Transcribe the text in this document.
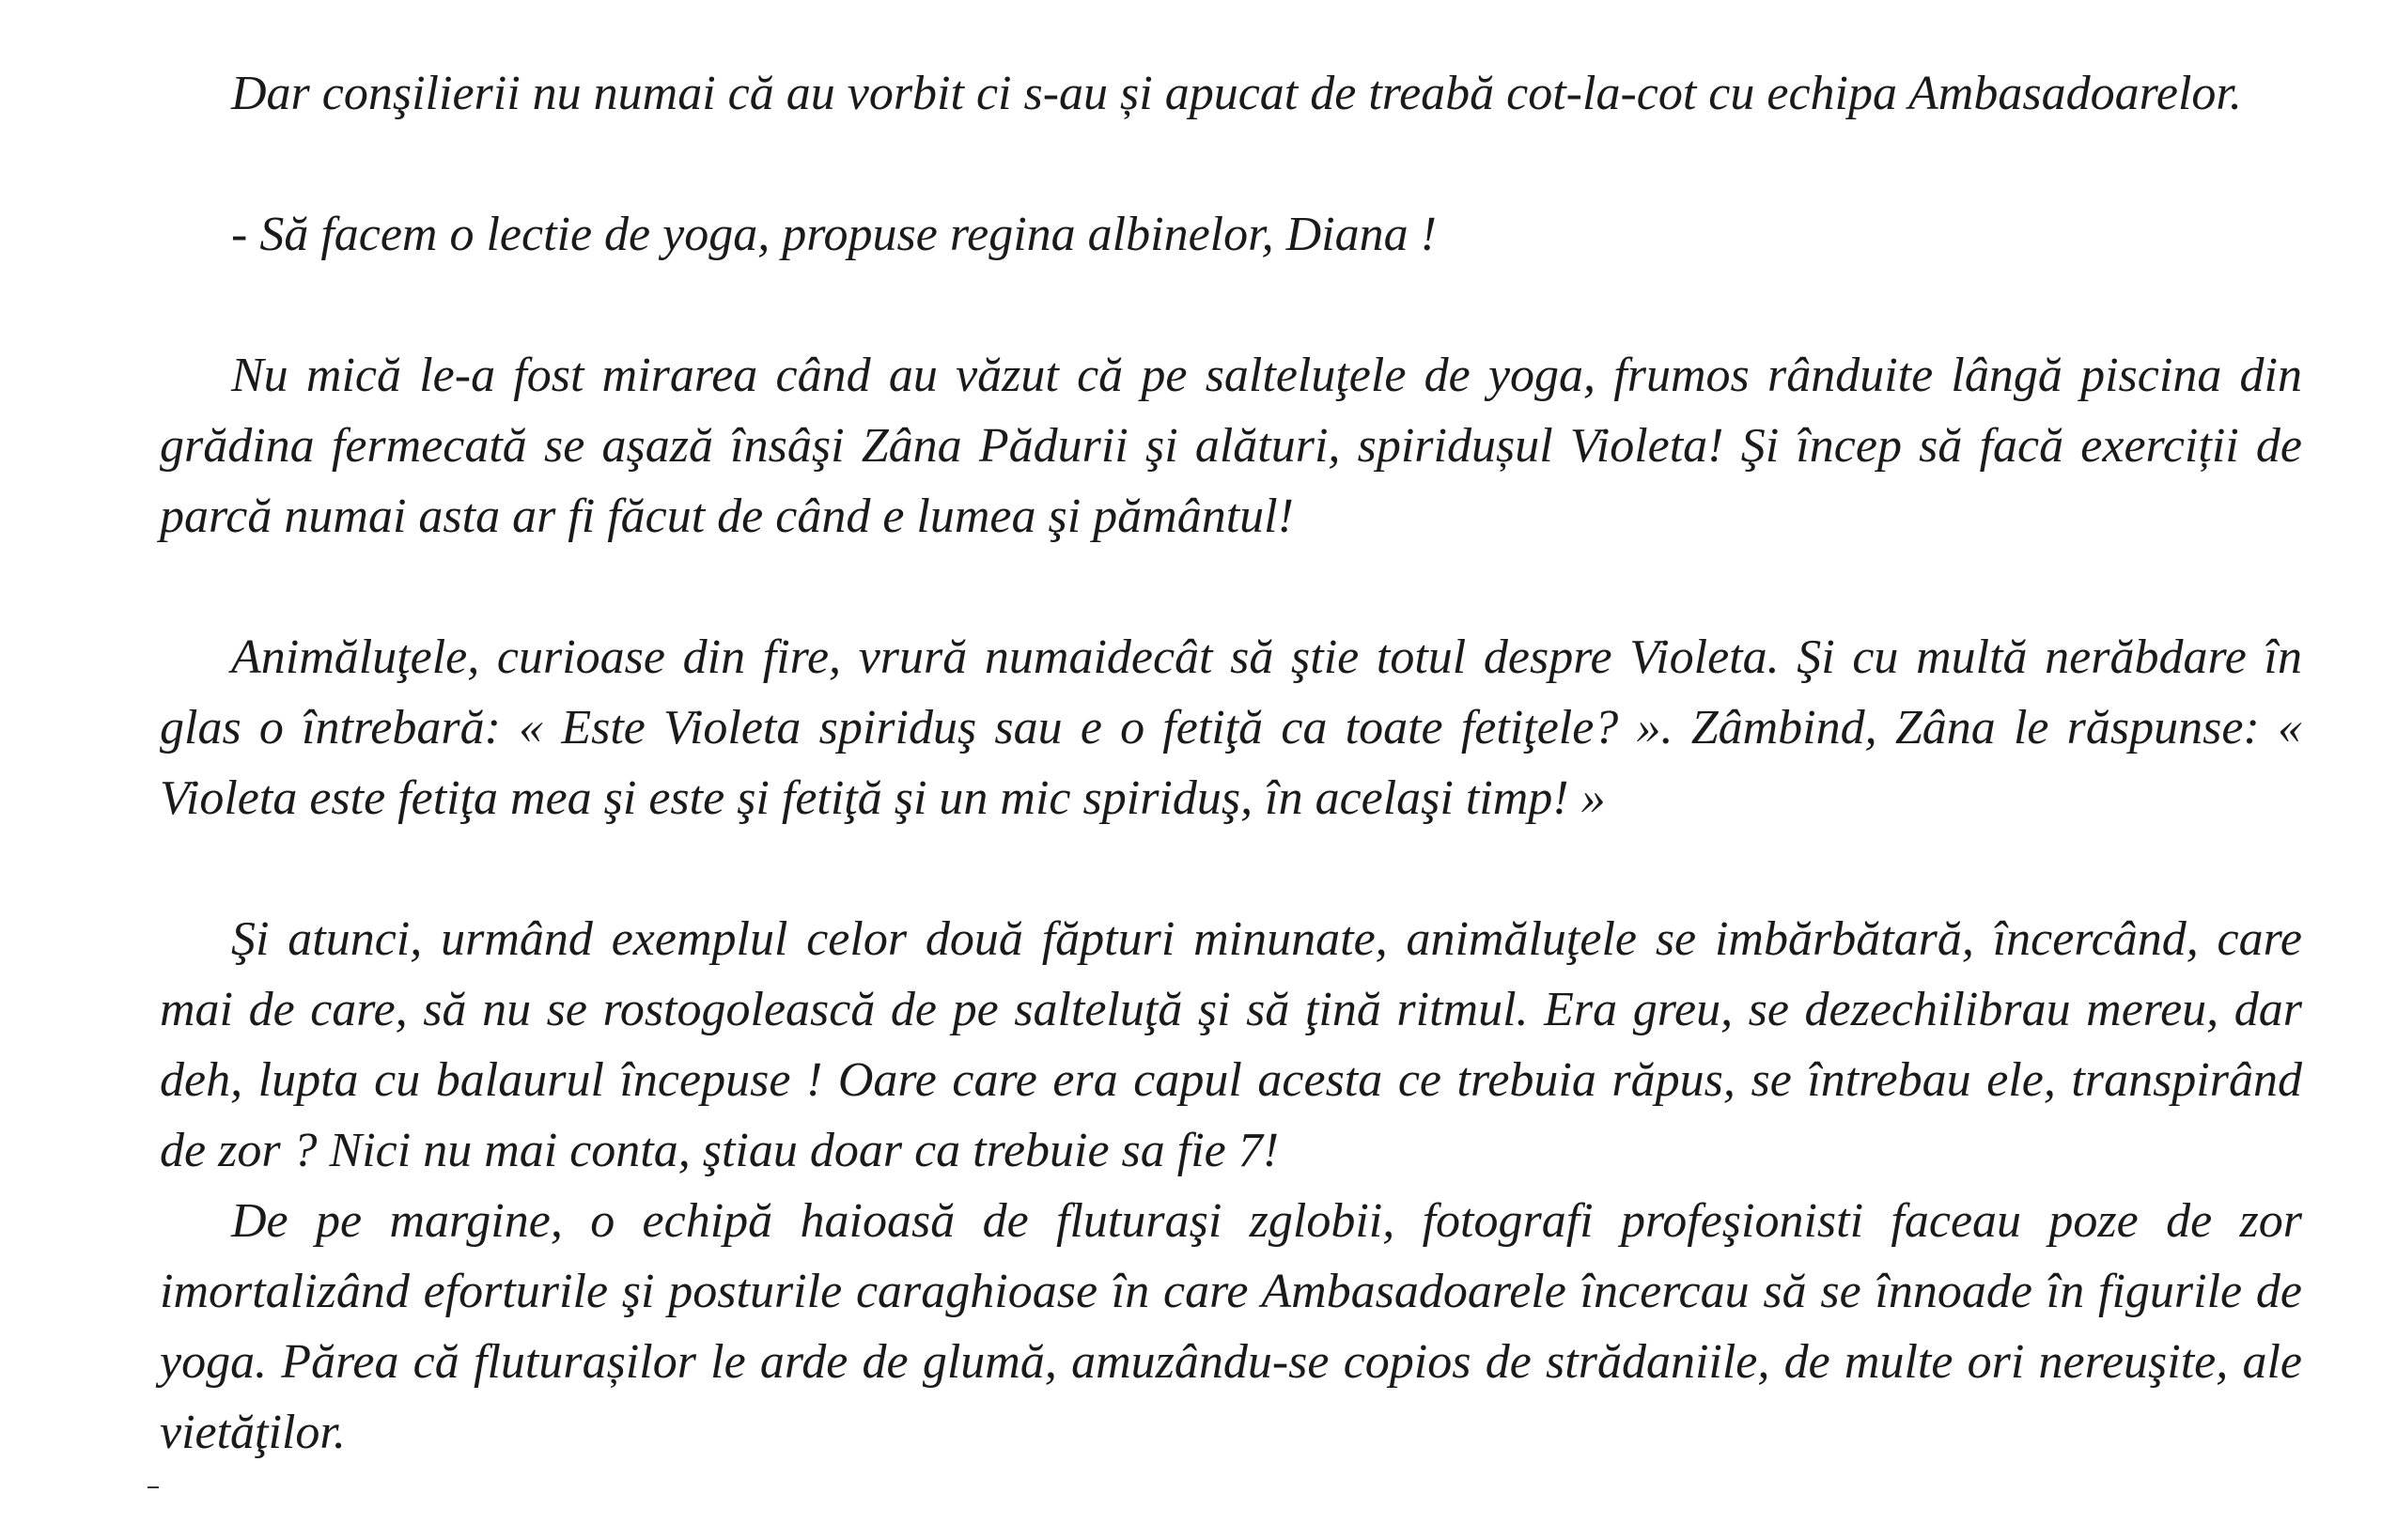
Dar conşilierii nu numai că au vorbit ci s-au și apucat de treabă cot-la-cot cu echipa Ambasadoarelor.

- Să facem o lectie de yoga, propuse regina albinelor, Diana !

Nu mică le-a fost mirarea când au văzut că pe salteluţele de yoga, frumos rânduite lângă piscina din grădina fermecată se aşază însâşi Zâna Pădurii şi alături, spiridușul Violeta! Şi încep să facă exerciții de parcă numai asta ar fi făcut de când e lumea şi pământul!

Animăluţele, curioase din fire, vrură numaidecât să ştie totul despre Violeta. Şi cu multă nerăbdare în glas o întrebară: « Este Violeta spiriduş sau e o fetiţă ca toate fetiţele? ». Zâmbind, Zâna le răspunse: « Violeta este fetiţa mea şi este şi fetiţă şi un mic spiriduş, în acelaşi timp! »

Şi atunci, urmând exemplul celor două făpturi minunate, animăluţele se imbărbătară, încercând, care mai de care, să nu se rostogolească de pe salteluţă şi să ţină ritmul. Era greu, se dezechilibrau mereu, dar deh, lupta cu balaurul începuse ! Oare care era capul acesta ce trebuia răpus, se întrebau ele, transpirând de zor ? Nici nu mai conta, ştiau doar ca trebuie sa fie 7!

De pe margine, o echipă haioasă de fluturaşi zglobii, fotografi profeşionisti faceau poze de zor imortalizând eforturile şi posturile caraghioase în care Ambasadoarele încercau să se înnoade în figurile de yoga. Părea că fluturașilor le arde de glumă, amuzându-se copios de strădaniile, de multe ori nereuşite, ale vietăţilor.
